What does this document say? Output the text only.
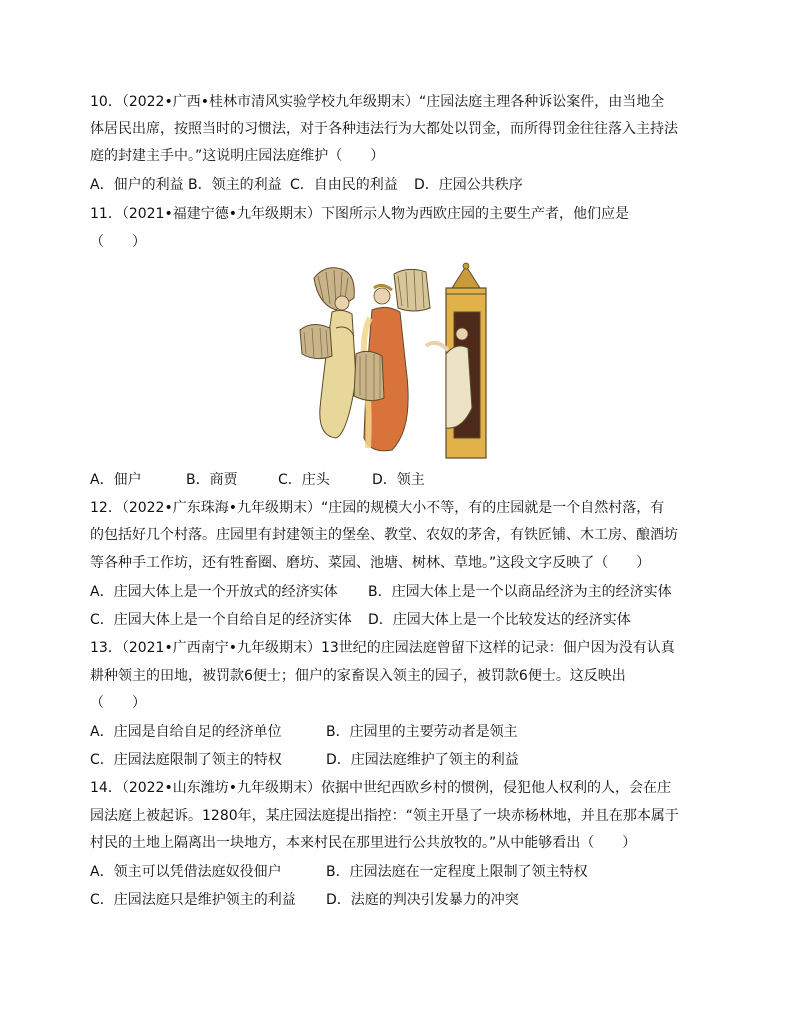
10．（2022•广西•桂林市清风实验学校九年级期末）“庄园法庭主理各种诉讼案件，由当地全
体居民出席，按照当时的习惯法，对于各种违法行为大都处以罚金，而所得罚金往往落入主持法
庭的封建主手中。”这说明庄园法庭维护（　　）
A．佃户的利益 B．领主的利益 C．自由民的利益 D．庄园公共秩序
11．（2021•福建宁德•九年级期末）下图所示人物为西欧庄园的主要生产者，他们应是
（　　）
A．佃户	B．商贾	C．庄头	D．领主
12．（2022•广东珠海•九年级期末）“庄园的规模大小不等，有的庄园就是一个自然村落，有
的包括好几个村落。庄园里有封建领主的堡垒、教堂、农奴的茅舍，有铁匠铺、木工房、酿酒坊
等各种手工作坊，还有牲畜圈、磨坊、菜园、池塘、树林、草地。”这段文字反映了（　　）
A．庄园大体上是一个开放式的经济实体 B．庄园大体上是一个以商品经济为主的经济实体
C．庄园大体上是一个自给自足的经济实体 D．庄园大体上是一个比较发达的经济实体
13．（2021•广西南宁•九年级期末）13世纪的庄园法庭曾留下这样的记录：佃户因为没有认真
耕种领主的田地，被罚款6便士；佃户的家畜误入领主的园子，被罚款6便士。这反映出
（　　）
A．庄园是自给自足的经济单位	B．庄园里的主要劳动者是领主
C．庄园法庭限制了领主的特权	D．庄园法庭维护了领主的利益
14．（2022•山东潍坊•九年级期末）依据中世纪西欧乡村的惯例，侵犯他人权利的人，会在庄
园法庭上被起诉。1280年，某庄园法庭提出指控：“领主开垦了一块赤杨林地，并且在那本属于
村民的土地上隔离出一块地方，本来村民在那里进行公共放牧的。”从中能够看出（　　）
A．领主可以凭借法庭奴役佃户	B．庄园法庭在一定程度上限制了领主特权
C．庄园法庭只是维护领主的利益 D．法庭的判决引发暴力的冲突
